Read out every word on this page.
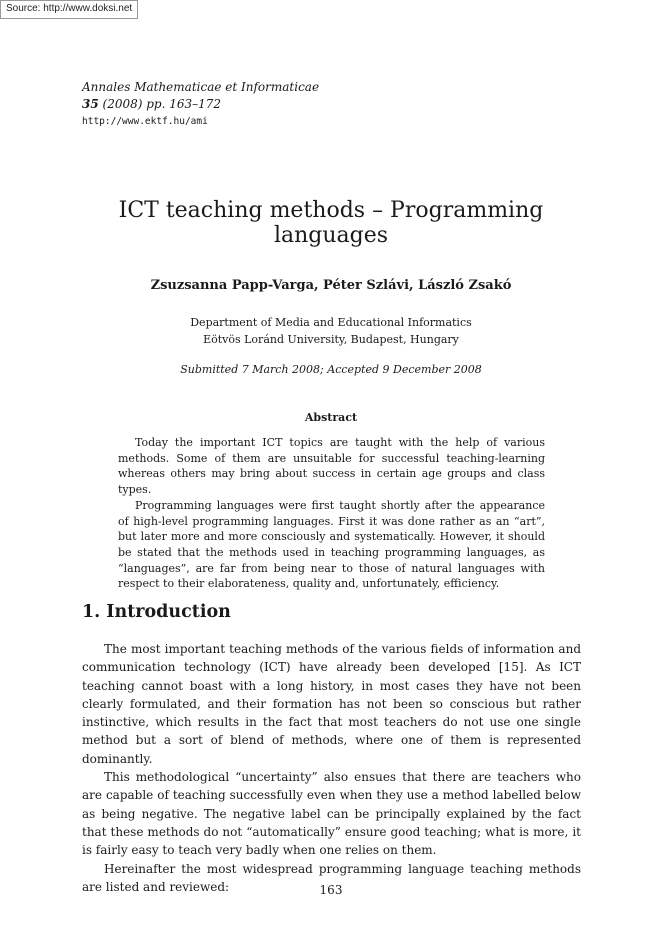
Source: http://www.doksi.net
Annales Mathematicae et Informaticae
35 (2008) pp. 163–172
http://www.ektf.hu/ami
ICT teaching methods – Programming languages
Zsuzsanna Papp-Varga, Péter Szlávi, László Zsakó
Department of Media and Educational Informatics
Eötvös Loránd University, Budapest, Hungary
Submitted 7 March 2008; Accepted 9 December 2008
Abstract

Today the important ICT topics are taught with the help of various methods. Some of them are unsuitable for successful teaching-learning whereas others may bring about success in certain age groups and class types.

Programming languages were first taught shortly after the appearance of high-level programming languages. First it was done rather as an “art”, but later more and more consciously and systematically. However, it should be stated that the methods used in teaching programming languages, as “languages”, are far from being near to those of natural languages with respect to their elaborateness, quality and, unfortunately, efficiency.

1. Introduction

The most important teaching methods of the various fields of information and communication technology (ICT) have already been developed [15]. As ICT teaching cannot boast with a long history, in most cases they have not been clearly formulated, and their formation has not been so conscious but rather instinctive, which results in the fact that most teachers do not use one single method but a sort of blend of methods, where one of them is represented dominantly.

This methodological “uncertainty” also ensues that there are teachers who are capable of teaching successfully even when they use a method labelled below as being negative. The negative label can be principally explained by the fact that these methods do not “automatically” ensure good teaching; what is more, it is fairly easy to teach very badly when one relies on them.

Hereinafter the most widespread programming language teaching methods are listed and reviewed:	163
